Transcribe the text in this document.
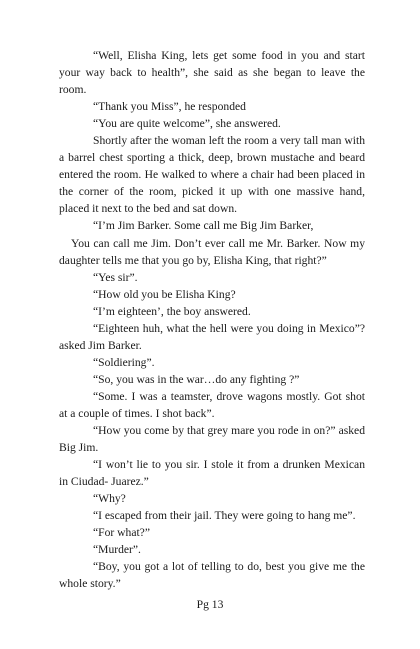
“Well, Elisha King, lets get some food in you and start your way back to health”, she said as she began to leave the room.

“Thank you Miss”, he responded

“You are quite welcome”, she answered.

Shortly after the woman left the room a very tall man with a barrel chest sporting a thick, deep, brown mustache and beard entered the room. He walked to where a chair had been placed in the corner of the room, picked it up with one massive hand, placed it next to the bed and sat down.

“I’m Jim Barker. Some call me Big Jim Barker,

You can call me Jim. Don’t ever call me Mr. Barker. Now my daughter tells me that you go by, Elisha King, that right?”

“Yes sir”.

“How old you be Elisha King?

“I’m eighteen’, the boy answered.

“Eighteen huh, what the hell were you doing in Mexico”? asked Jim Barker.

“Soldiering”.

“So, you was in the war…do any fighting ?”

“Some. I was a teamster, drove wagons mostly. Got shot at a couple of times. I shot back”.

“How you come by that grey mare you rode in on?” asked Big Jim.

“I won’t lie to you sir. I stole it from a drunken Mexican in Ciudad- Juarez.”

“Why?

“I escaped from their jail. They were going to hang me”.

“For what?”

“Murder”.

“Boy, you got a lot of telling to do, best you give me the whole story.”

Pg 13
